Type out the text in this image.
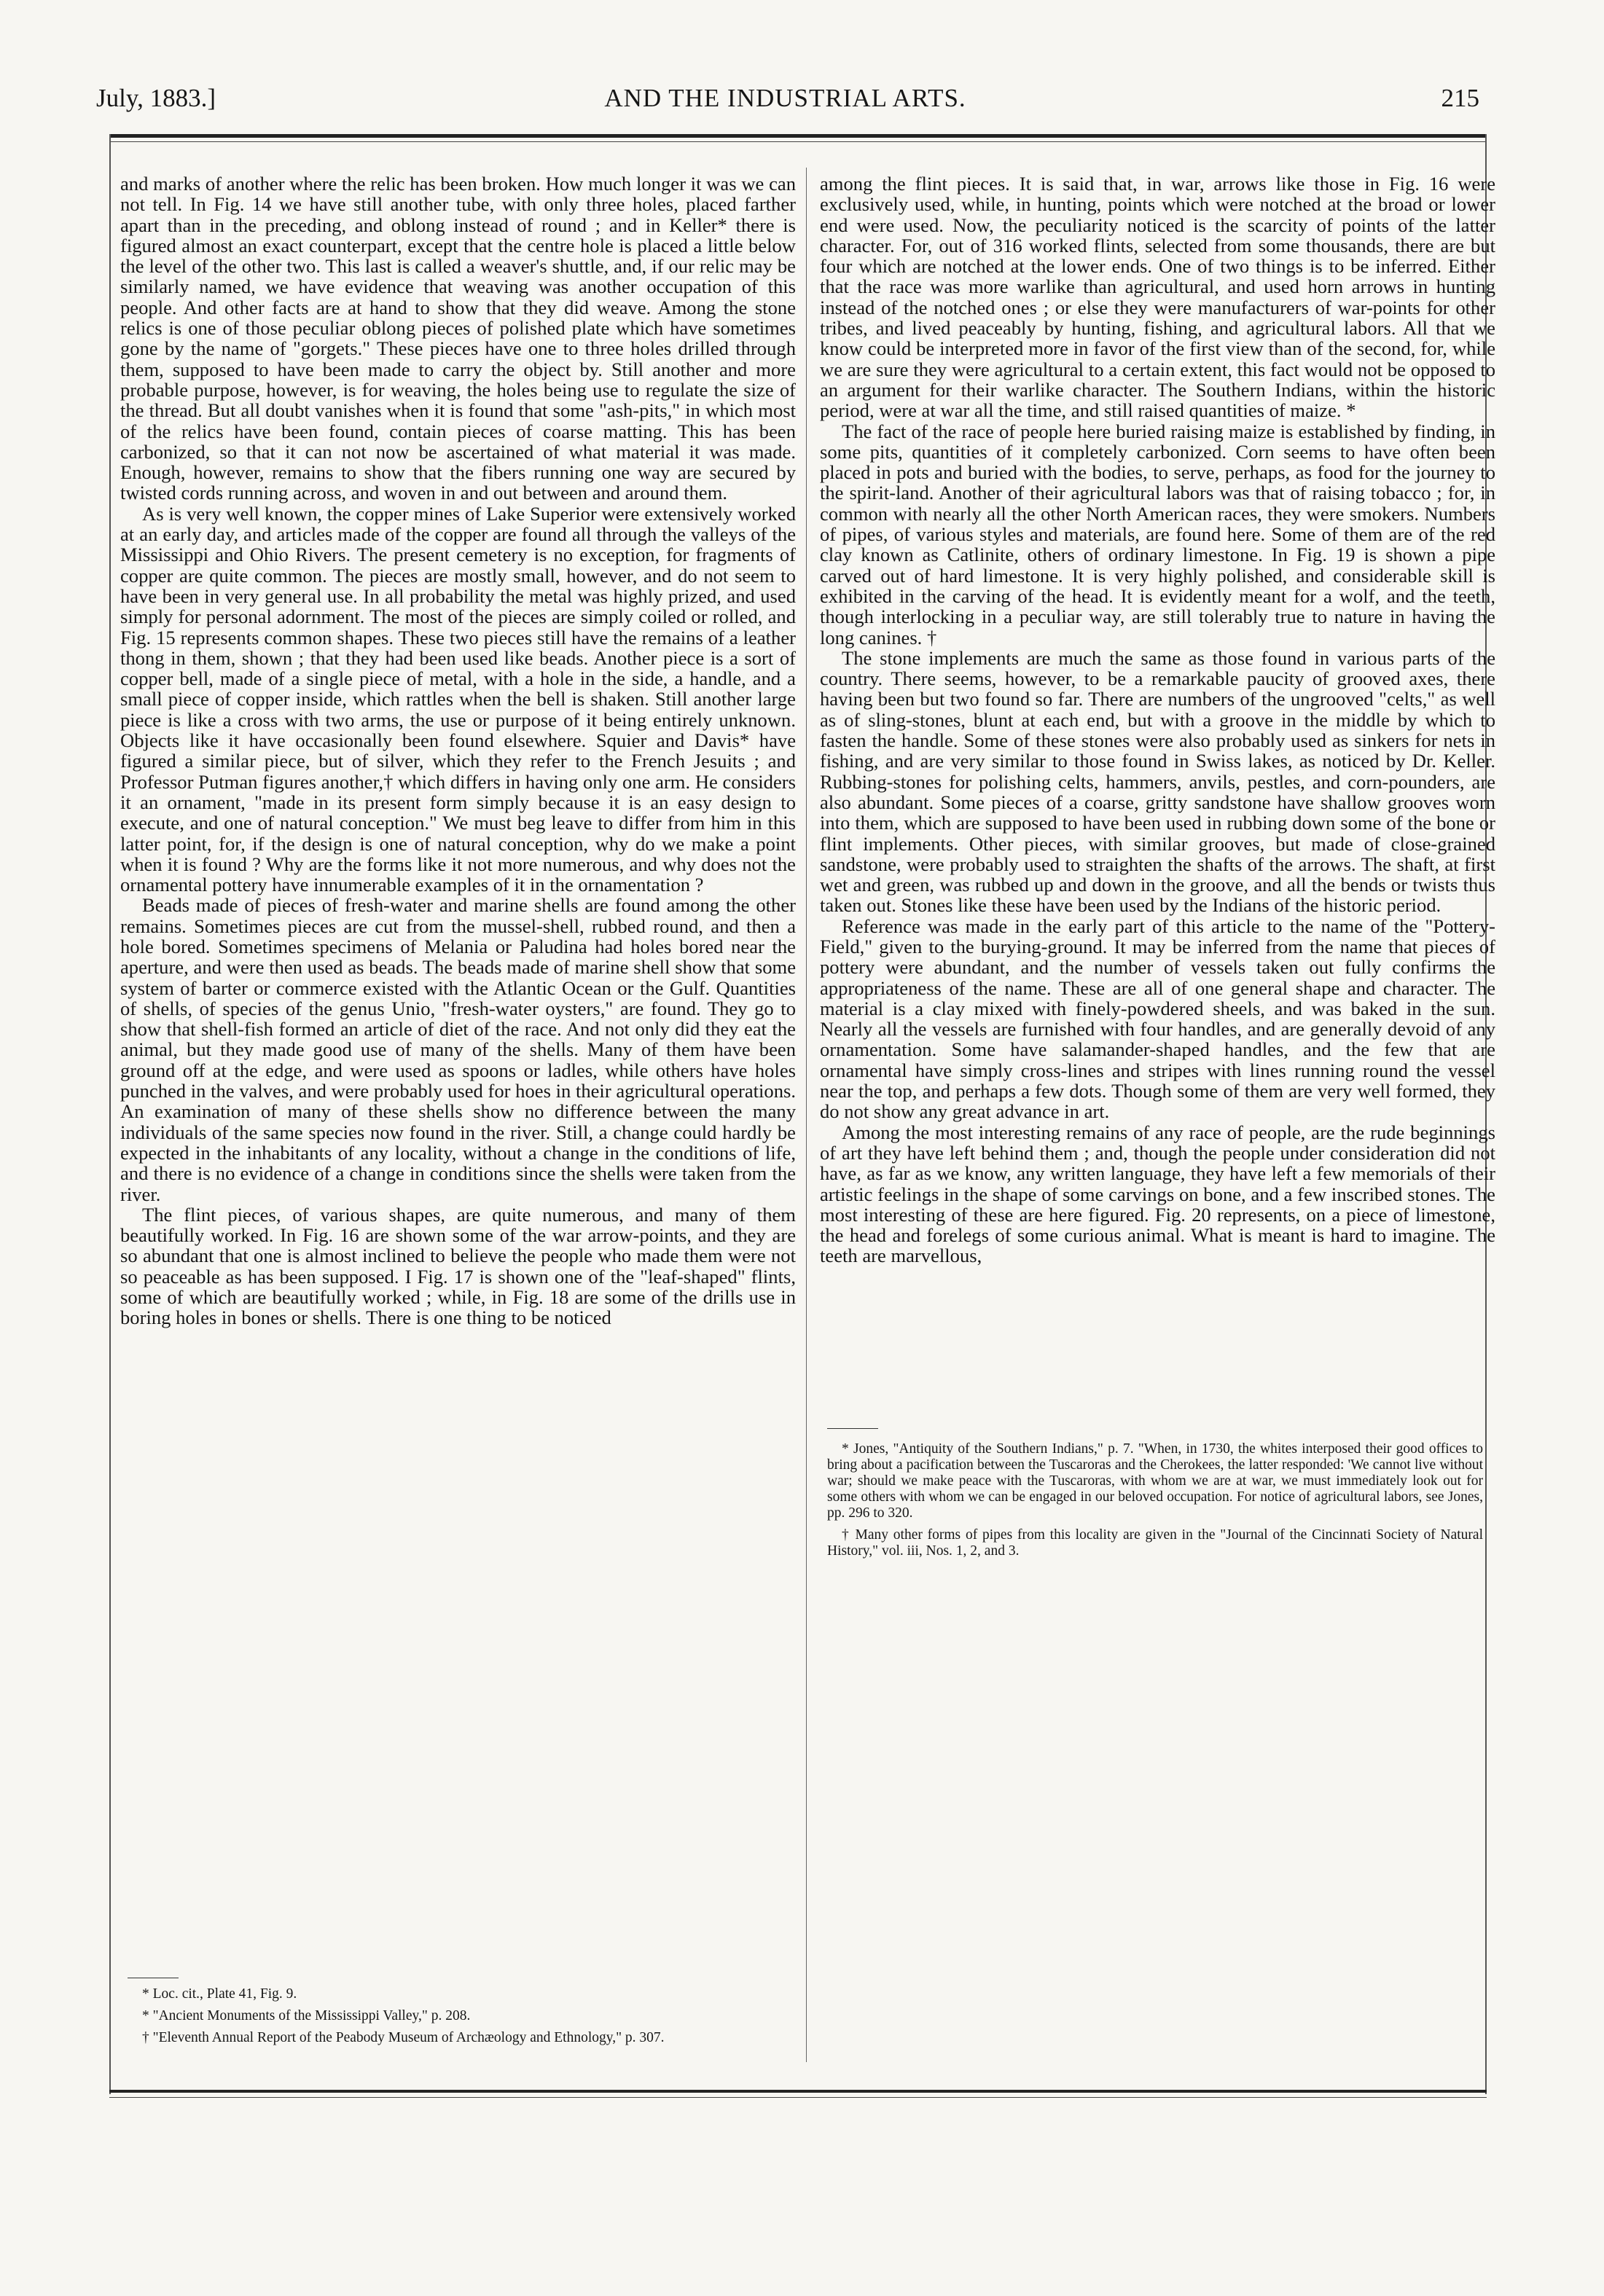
July, 1883.]	AND THE INDUSTRIAL ARTS.	215

and marks of another where the relic has been broken. How much longer it was we can not tell. In Fig. 14 we have still another tube, with only three holes, placed farther apart than in the preceding, and oblong instead of round ; and in Keller* there is figured almost an exact counterpart, except that the centre hole is placed a little below the level of the other two. This last is called a weaver's shuttle, and, if our relic may be similarly named, we have evidence that weaving was another occupation of this people. And other facts are at hand to show that they did weave. Among the stone relics is one of those peculiar oblong pieces of polished plate which have sometimes gone by the name of "gorgets." These pieces have one to three holes drilled through them, supposed to have been made to carry the object by. Still another and more probable purpose, however, is for weaving, the holes being use to regulate the size of the thread. But all doubt vanishes when it is found that some "ash-pits," in which most of the relics have been found, contain pieces of coarse matting. This has been carbonized, so that it can not now be ascertained of what material it was made. Enough, however, remains to show that the fibers running one way are secured by twisted cords running across, and woven in and out between and around them.

As is very well known, the copper mines of Lake Superior were extensively worked at an early day, and articles made of the copper are found all through the valleys of the Mississippi and Ohio Rivers. The present cemetery is no exception, for fragments of copper are quite common. The pieces are mostly small, however, and do not seem to have been in very general use. In all probability the metal was highly prized, and used simply for personal adornment. The most of the pieces are simply coiled or rolled, and Fig. 15 represents common shapes. These two pieces still have the remains of a leather thong in them, shown ; that they had been used like beads. Another piece is a sort of copper bell, made of a single piece of metal, with a hole in the side, a handle, and a small piece of copper inside, which rattles when the bell is shaken. Still another large piece is like a cross with two arms, the use or purpose of it being entirely unknown. Objects like it have occasionally been found elsewhere. Squier and Davis* have figured a similar piece, but of silver, which they refer to the French Jesuits ; and Professor Putman figures another,† which differs in having only one arm. He considers it an ornament, "made in its present form simply because it is an easy design to execute, and one of natural conception." We must beg leave to differ from him in this latter point, for, if the design is one of natural conception, why do we make a point when it is found ? Why are the forms like it not more numerous, and why does not the ornamental pottery have innumerable examples of it in the ornamentation ?

Beads made of pieces of fresh-water and marine shells are found among the other remains. Sometimes pieces are cut from the mussel-shell, rubbed round, and then a hole bored. Sometimes specimens of Melania or Paludina had holes bored near the aperture, and were then used as beads. The beads made of marine shell show that some system of barter or commerce existed with the Atlantic Ocean or the Gulf. Quantities of shells, of species of the genus Unio, "fresh-water oysters," are found. They go to show that shell-fish formed an article of diet of the race. And not only did they eat the animal, but they made good use of many of the shells. Many of them have been ground off at the edge, and were used as spoons or ladles, while others have holes punched in the valves, and were probably used for hoes in their agricultural operations. An examination of many of these shells show no difference between the many individuals of the same species now found in the river. Still, a change could hardly be expected in the inhabitants of any locality, without a change in the conditions of life, and there is no evidence of a change in conditions since the shells were taken from the river.

The flint pieces, of various shapes, are quite numerous, and many of them beautifully worked. In Fig. 16 are shown some of the war arrow-points, and they are so abundant that one is almost inclined to believe the people who made them were not so peaceable as has been supposed. I Fig. 17 is shown one of the "leaf-shaped" flints, some of which are beautifully worked ; while, in Fig. 18 are some of the drills use in boring holes in bones or shells. There is one thing to be noticed

* Loc. cit., Plate 41, Fig. 9.

* "Ancient Monuments of the Mississippi Valley," p. 208.

† "Eleventh Annual Report of the Peabody Museum of Archæology and Ethnology," p. 307.

among the flint pieces. It is said that, in war, arrows like those in Fig. 16 were exclusively used, while, in hunting, points which were notched at the broad or lower end were used. Now, the peculiarity noticed is the scarcity of points of the latter character. For, out of 316 worked flints, selected from some thousands, there are but four which are notched at the lower ends. One of two things is to be inferred. Either that the race was more warlike than agricultural, and used horn arrows in hunting instead of the notched ones ; or else they were manufacturers of war-points for other tribes, and lived peaceably by hunting, fishing, and agricultural labors. All that we know could be interpreted more in favor of the first view than of the second, for, while we are sure they were agricultural to a certain extent, this fact would not be opposed to an argument for their warlike character. The Southern Indians, within the historic period, were at war all the time, and still raised quantities of maize. *

The fact of the race of people here buried raising maize is established by finding, in some pits, quantities of it completely carbonized. Corn seems to have often been placed in pots and buried with the bodies, to serve, perhaps, as food for the journey to the spirit-land. Another of their agricultural labors was that of raising tobacco ; for, in common with nearly all the other North American races, they were smokers. Numbers of pipes, of various styles and materials, are found here. Some of them are of the red clay known as Catlinite, others of ordinary limestone. In Fig. 19 is shown a pipe carved out of hard limestone. It is very highly polished, and considerable skill is exhibited in the carving of the head. It is evidently meant for a wolf, and the teeth, though interlocking in a peculiar way, are still tolerably true to nature in having the long canines. †

The stone implements are much the same as those found in various parts of the country. There seems, however, to be a remarkable paucity of grooved axes, there having been but two found so far. There are numbers of the ungrooved "celts," as well as of sling-stones, blunt at each end, but with a groove in the middle by which to fasten the handle. Some of these stones were also probably used as sinkers for nets in fishing, and are very similar to those found in Swiss lakes, as noticed by Dr. Keller. Rubbing-stones for polishing celts, hammers, anvils, pestles, and corn-pounders, are also abundant. Some pieces of a coarse, gritty sandstone have shallow grooves worn into them, which are supposed to have been used in rubbing down some of the bone or flint implements. Other pieces, with similar grooves, but made of close-grained sandstone, were probably used to straighten the shafts of the arrows. The shaft, at first wet and green, was rubbed up and down in the groove, and all the bends or twists thus taken out. Stones like these have been used by the Indians of the historic period.

Reference was made in the early part of this article to the name of the "Pottery-Field," given to the burying-ground. It may be inferred from the name that pieces of pottery were abundant, and the number of vessels taken out fully confirms the appropriateness of the name. These are all of one general shape and character. The material is a clay mixed with finely-powdered sheels, and was baked in the sun. Nearly all the vessels are furnished with four handles, and are generally devoid of any ornamentation. Some have salamander-shaped handles, and the few that are ornamental have simply cross-lines and stripes with lines running round the vessel near the top, and perhaps a few dots. Though some of them are very well formed, they do not show any great advance in art.

Among the most interesting remains of any race of people, are the rude beginnings of art they have left behind them ; and, though the people under consideration did not have, as far as we know, any written language, they have left a few memorials of their artistic feelings in the shape of some carvings on bone, and a few inscribed stones. The most interesting of these are here figured. Fig. 20 represents, on a piece of limestone, the head and forelegs of some curious animal. What is meant is hard to imagine. The teeth are marvellous,

* Jones, "Antiquity of the Southern Indians," p. 7. "When, in 1730, the whites interposed their good offices to bring about a pacification between the Tuscaroras and the Cherokees, the latter responded: 'We cannot live without war; should we make peace with the Tuscaroras, with whom we are at war, we must immediately look out for some others with whom we can be engaged in our beloved occupation. For notice of agricultural labors, see Jones, pp. 296 to 320.

† Many other forms of pipes from this locality are given in the "Journal of the Cincinnati Society of Natural History," vol. iii, Nos. 1, 2, and 3.
